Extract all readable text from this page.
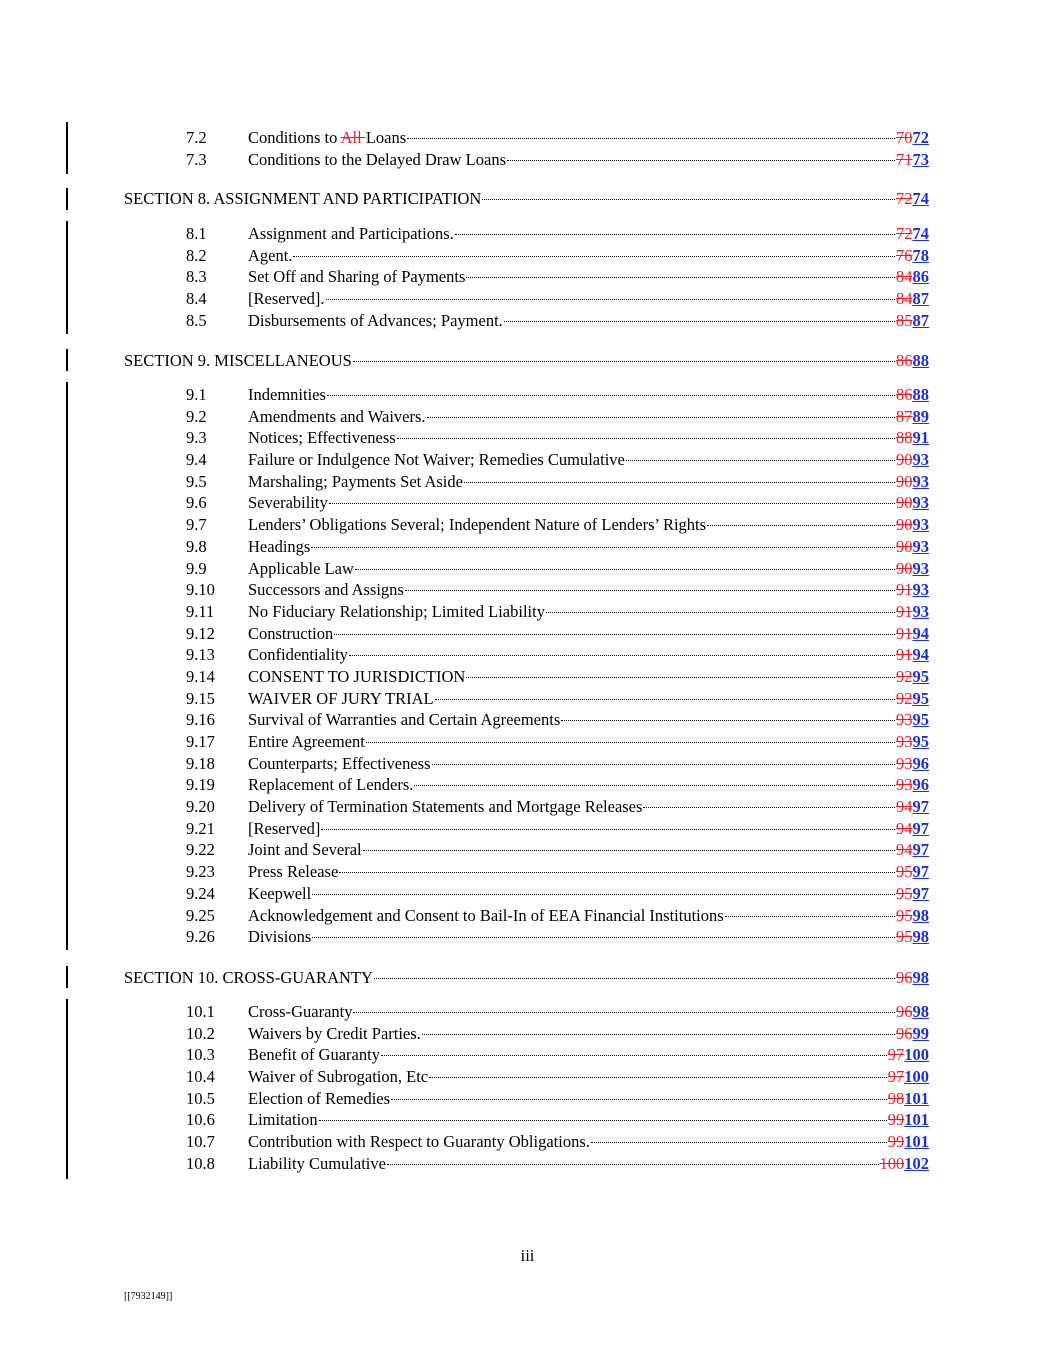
7.2	Conditions to All Loans	7072
7.3	Conditions to the Delayed Draw Loans	7173
SECTION 8. ASSIGNMENT AND PARTICIPATION	7274
8.1	Assignment and Participations.	7274
8.2	Agent.	7678
8.3	Set Off and Sharing of Payments	8486
8.4	[Reserved].	8487
8.5	Disbursements of Advances; Payment.	8587
SECTION 9. MISCELLANEOUS	8688
9.1	Indemnities	8688
9.2	Amendments and Waivers.	8789
9.3	Notices; Effectiveness	8891
9.4	Failure or Indulgence Not Waiver; Remedies Cumulative	9093
9.5	Marshaling; Payments Set Aside	9093
9.6	Severability	9093
9.7	Lenders’ Obligations Several; Independent Nature of Lenders’ Rights	9093
9.8	Headings	9093
9.9	Applicable Law	9093
9.10 Successors and Assigns	9193
9.11 No Fiduciary Relationship; Limited Liability	9193
9.12 Construction	9194
9.13 Confidentiality	9194
9.14 CONSENT TO JURISDICTION	9295
9.15 WAIVER OF JURY TRIAL	9295
9.16 Survival of Warranties and Certain Agreements	9395
9.17 Entire Agreement	9395
9.18 Counterparts; Effectiveness	9396
9.19 Replacement of Lenders.	9396
9.20 Delivery of Termination Statements and Mortgage Releases	9497
9.21 [Reserved]	9497
9.22 Joint and Several	9497
9.23 Press Release	9597
9.24 Keepwell	9597
9.25 Acknowledgement and Consent to Bail-In of EEA Financial Institutions	9598
9.26 Divisions	9598
SECTION 10. CROSS-GUARANTY	9698
10.1 Cross-Guaranty	9698
10.2 Waivers by Credit Parties.	9699
10.3 Benefit of Guaranty	97100
10.4 Waiver of Subrogation, Etc	97100
10.5 Election of Remedies	98101
10.6 Limitation	99101
10.7 Contribution with Respect to Guaranty Obligations.	99101
10.8 Liability Cumulative	100102
iii
[[7932149]]
